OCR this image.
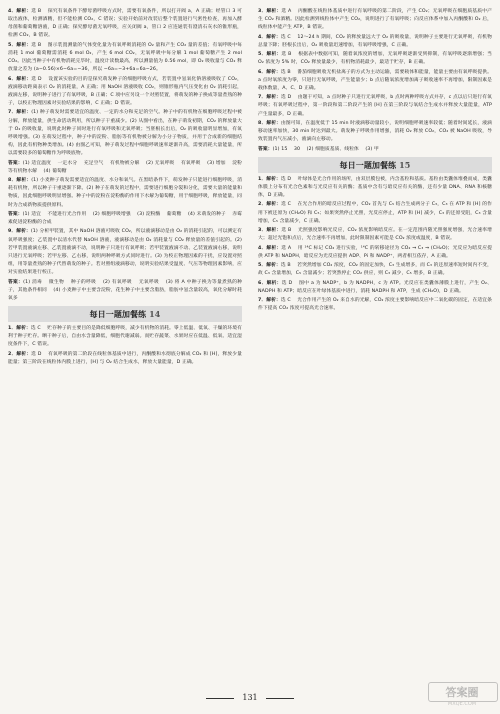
4．解析：选 B 　探究有氧条件下酵母菌呼吸方式时，需要有氧条件，所以打开阀 a，A 正确；经管口 3 可取出液体，检测酒精，但不能检测 CO₂，C 错误；实验开始前对改装后整个装置进行气密性检查，再加入酵母菌和葡萄糖溶液，D 正确；探究酵母菌无氧呼吸，应关闭阀 a，管口 2 应连通装有澄清石灰水的锥形瓶，检测 CO₂，B 错误。
5．解析：选 B 　图示装置测量的气体变化量为有氧呼吸消耗的 O₂ 量和产生 CO₂ 量的差值；有氧呼吸中每消耗 1 mol 葡萄糖需消耗 6 mol O₂，产生 6 mol CO₂，无氧呼吸中每分解 1 mol 葡萄糖产生 2 mol CO₂。因此当种子中有机物消耗完毕时，温度计读数最高，所以测量值为 0.56 mol，即 O₂ 吸收量与 CO₂ 释放量之差为 (a−0.56)×6−6a=−36，所以 −6a=−3+6a=6a−26。
6．解析：选 D 　设置该实验的目的是探究萌发种子的细胞呼吸方式，若装置中氢氧化钠溶液吸收了 CO₂，液滴移动距离表示 O₂ 的消耗量，A 正确；用 NaOH 溶液吸收 CO₂，则锥形瓶内气压变化由 O₂ 消耗引起，液滴左移，说明种子进行了有氧呼吸，B 正确；C 项中应另设一个对照装置，将萌发的种子换成等量煮熟的种子，以校正物理因素对实验结果的影响，C 正确；D 错误。
7．解析：(1) 种子萌发时需要适宜的温度、一定的水分和充足的空气。种子中的有机物在细胞呼吸过程中被分解，释放能量，供生命活动利用，所以种子干重减少。(2) 从图中看出，在种子萌发初期，CO₂ 的释放量大于 O₂ 的吸收量，说明此时种子同时进行有氧呼吸和无氧呼吸；当胚根长出后，O₂ 的吸收量明显增加，有氧呼吸增强。(3) 在萌发过程中，种子中的淀粉、脂肪等有机物被分解为小分子物质，并用于合成新的细胞结构，因此有机物种类增加。(4) 由图乙可知，种子萌发过程中细胞呼吸速率逐渐升高，需要消耗大量能量，所以需要较多的葡萄糖作为呼吸底物。
答案：(1) 适宜温度 　一定水分 　充足空气 　有机物被分解　 (2) 无氧呼吸 　有氧呼吸　 (3) 增加 　淀粉等有机物水解　 (4) 葡萄糖
8．解析：(1) 小麦种子萌发需要适宜的温度、水分和氧气。在黑暗条件下，萌发种子只能进行细胞呼吸，消耗有机物，所以种子干重逐渐下降。(2) 种子在萌发的过程中，需要进行细胞分裂和分化，需要大量的能量和物质，因此细胞呼吸明显增强。种子中的淀粉在淀粉酶的作用下水解为葡萄糖，用于细胞呼吸，释放能量，同时为合成新物质提供原料。
答案：(1) 适宜 　不能进行光合作用 　(2) 细胞呼吸增强　 (3) 淀粉酶 　葡萄糖　 (4) 未萌发的种子 　赤霉素促进淀粉酶的合成
9．解析：(1) 分析甲装置，其中 NaOH 溶液可吸收 CO₂，所以液滴移动是由 O₂ 的消耗引起的，可以测定有氧呼吸强度；乙装置中以清水代替 NaOH 溶液，液滴移动是由 O₂ 消耗量与 CO₂ 释放量的差值引起的。(2) 若甲装置液滴左移、乙装置液滴不动，说明种子只进行有氧呼吸；若甲装置液滴不动、乙装置液滴右移，说明只进行无氧呼吸；若甲左移、乙右移，说明两种呼吸方式同时进行。(3) 为校正物理因素的干扰，应设置对照组，用等量煮熟的种子代替萌发的种子。若对照组液滴移动，说明实验结果受温度、气压等物理因素影响，应对实验结果进行校正。
答案：(1) 消毒 　微生物 　种子的呼吸 　(2) 有氧呼吸 　无氧呼吸 　(3) 将 A 中种子换为等量煮熟的种子，其他条件相同　 (4) 小麦种子中主要含淀粉，花生种子中主要含脂肪，脂肪中氢含量较高，氧化分解时耗氧多
每日一题加餐练 14
1．解析：选 C 　贮存种子的主要目的是降低细胞呼吸，减少有机物的消耗。零上低温、低氧、干燥的环境有利于种子贮存。晒干种子后，自由水含量降低，细胞代谢减弱。而贮存蔬菜、水果时应在低温、低氧、适宜湿度条件下，C 错误。
2．解析：选 D 　有氧呼吸的第二阶段在线粒体基质中进行，丙酮酸和水彻底分解成 CO₂ 和 [H]，释放少量能量；第三阶段在线粒体内膜上进行，[H] 与 O₂ 结合生成水，释放大量能量，D 正确。
3．解析：选 A 　丙酮酸在线粒体基质中进行有氧呼吸的第二阶段，产生 CO₂；无氧呼吸在细胞质基质中产生 CO₂ 和酒精。因此检测到线粒体中产生 CO₂，说明进行了有氧呼吸；向反应体系中加入丙酮酸和 O₂ 后，线粒体中能产生 ATP，B 错误。
4．解析：选 C 　12～24 h 期间，CO₂ 的释放量远大于 O₂ 的吸收量，说明种子主要进行无氧呼吸，有机物总量下降；胚根长出后，O₂ 吸收量迅速增加，有氧呼吸增强，C 正确。
5．解析：选 B 　根据表中数据可知，随着氧浓度的增加，无氧呼吸逐渐受到抑制，有氧呼吸逐渐增强；当 O₂ 浓度为 5% 时，CO₂ 释放量最少，有机物消耗最少，最适于贮存，B 正确。
6．解析：选 B 　番茄细胞吸收无机盐离子的方式为主动运输，需要载体和能量，能量主要由有氧呼吸提供。a 点时氧浓度为零，只进行无氧呼吸，产生能量少；b 点后随氧浓度增加离子吸收速率不再增加，限制因素是载体数量，A、C、D 正确。
7．解析：选 D 　由题干可知，a 点时种子只进行无氧呼吸，b 点时两种呼吸方式并存，c 点以后只进行有氧呼吸；有氧呼吸过程中，第一阶段和第二阶段产生的 [H] 在第三阶段与氧结合生成水并释放大量能量，ATP 产生量最多，D 正确。
8．解析：由图可知，在温度低于 15 min 时液滴移动量较小，说明细胞呼吸速率较低；随着时间延长，液滴移动速率加快，30 min 时达到最大。萌发种子呼吸作用增强，消耗 O₂ 释放 CO₂，CO₂ 被 NaOH 吸收，导致装置内气压减小，液滴向左移动。
答案：(1) 15 　30 　(2) 细胞质基质、线粒体 　(3) 甲
每日一题加餐练 15
1．解析：选 D 　叶绿体是光合作用的场所，由双层膜包被，内含基粒和基质。基粒由类囊体堆叠而成，类囊体膜上分布有光合色素和与光反应有关的酶；基质中含有与暗反应有关的酶，还有少量 DNA、RNA 和核糖体，D 正确。
2．解析：选 C 　在光合作用的暗反应过程中，CO₂ 首先与 C₅ 结合生成两分子 C₃，C₃ 在 ATP 和 [H] 的作用下被还原为 (CH₂O) 和 C₅；如果突然停止光照，光反应停止，ATP 和 [H] 减少，C₃ 的还原受阻，C₃ 含量增加，C₅ 含量减少，C 正确。
3．解析：选 B 　光照强度影响光反应，CO₂ 浓度影响暗反应。在一定范围内随光照强度增强，光合速率增大；超过光饱和点后，光合速率不再增加，此时限制因素可能是 CO₂ 浓度或温度，B 错误。
4．解析：选 A 　用 ¹⁴C 标记 CO₂ 进行实验，¹⁴C 的转移途径为 CO₂ → C₃ → (CH₂O)；光反应为暗反应提供 ATP 和 NADPH，暗反应为光反应提供 ADP、Pi 和 NADP⁺，两者相互依存，A 正确。
5．解析：选 B 　若突然增加 CO₂ 浓度，CO₂ 的固定加快，C₃ 生成增多，而 C₃ 的还原速率短时间内不变，故 C₃ 含量增加，C₅ 含量减少；若突然停止 CO₂ 供应，则 C₃ 减少，C₅ 增多，B 正确。
6．解析：选 D 　图中 a 为 NADP⁺，b 为 NADPH，c 为 ATP。光反应在类囊体薄膜上进行，产生 O₂、NADPH 和 ATP；暗反应在叶绿体基质中进行，消耗 NADPH 和 ATP，生成 (CH₂O)，D 正确。
7．解析：选 C 　光合作用产生的 O₂ 来自水的光解，CO₂ 浓度主要影响暗反应中二氧化碳的固定，在适宜条件下提高 CO₂ 浓度可提高光合速率。
131	答案圈
MXQE.COM
